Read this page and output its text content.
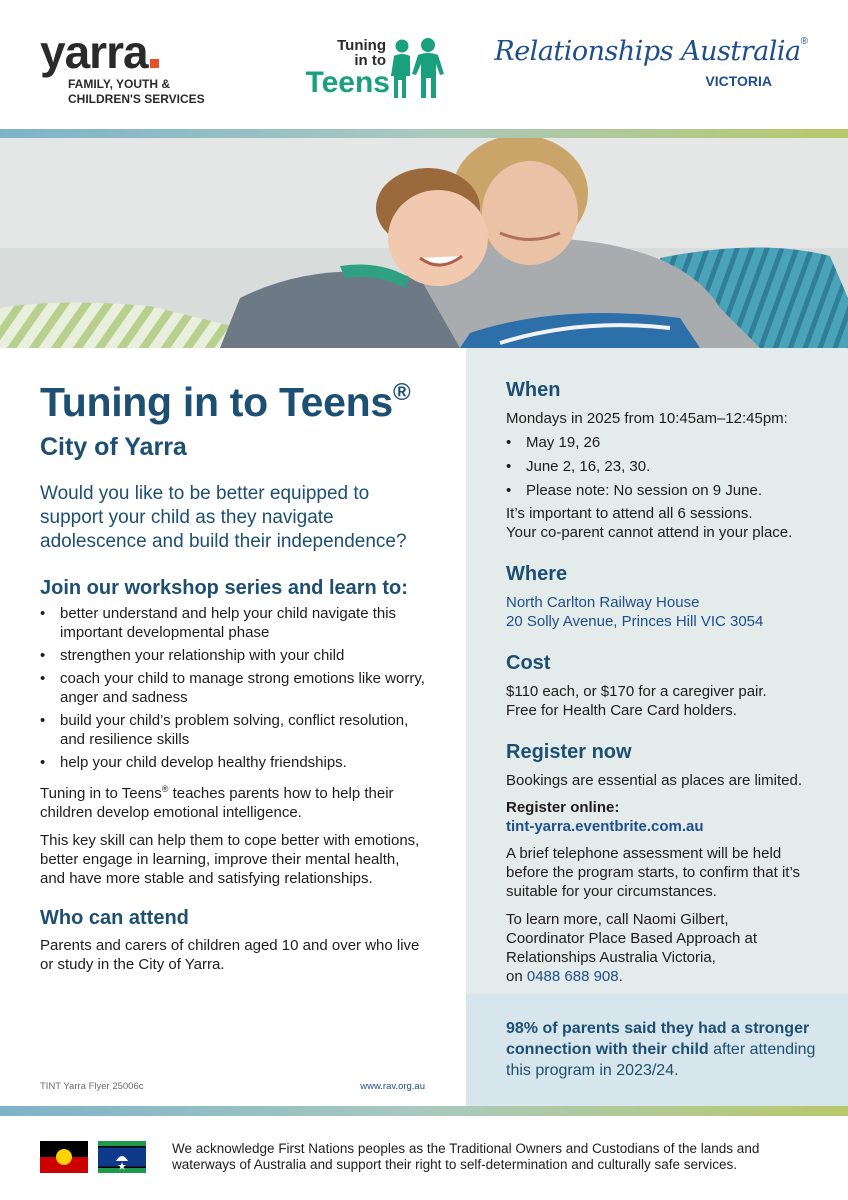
yarra
FAMILY, YOUTH &
CHILDREN'S SERVICES
Tuning
in to
Teens
Relationships Australia®
VICTORIA
Tuning in to Teens®
City of Yarra
Would you like to be better equipped to support your child as they navigate adolescence and build their independence?
Join our workshop series and learn to:
• better understand and help your child navigate this important developmental phase
• strengthen your relationship with your child
• coach your child to manage strong emotions like worry, anger and sadness
• build your child’s problem solving, conflict resolution, and resilience skills
• help your child develop healthy friendships.

Tuning in to Teens® teaches parents how to help their children develop emotional intelligence.

This key skill can help them to cope better with emotions, better engage in learning, improve their mental health, and have more stable and satisfying relationships.

Who can attend

Parents and carers of children aged 10 and over who live or study in the City of Yarra.

TINT Yarra Flyer 25006c	www.rav.org.au
When

Mondays in 2025 from 10:45am–12:45pm:

• May 19, 26
• June 2, 16, 23, 30.
• Please note: No session on 9 June.

It’s important to attend all 6 sessions.
Your co-parent cannot attend in your place.

Where

North Carlton Railway House
20 Solly Avenue, Princes Hill VIC 3054

Cost

$110 each, or $170 for a caregiver pair.
Free for Health Care Card holders.

Register now

Bookings are essential as places are limited.

Register online:
tint-yarra.eventbrite.com.au

A brief telephone assessment will be held before the program starts, to confirm that it’s suitable for your circumstances.

To learn more, call Naomi Gilbert, Coordinator Place Based Approach at Relationships Australia Victoria,
on 0488 688 908.

98% of parents said they had a stronger connection with their child after attending this program in 2023/24.

We acknowledge First Nations peoples as the Traditional Owners and Custodians of the lands and waterways of Australia and support their right to self-determination and culturally safe services.
